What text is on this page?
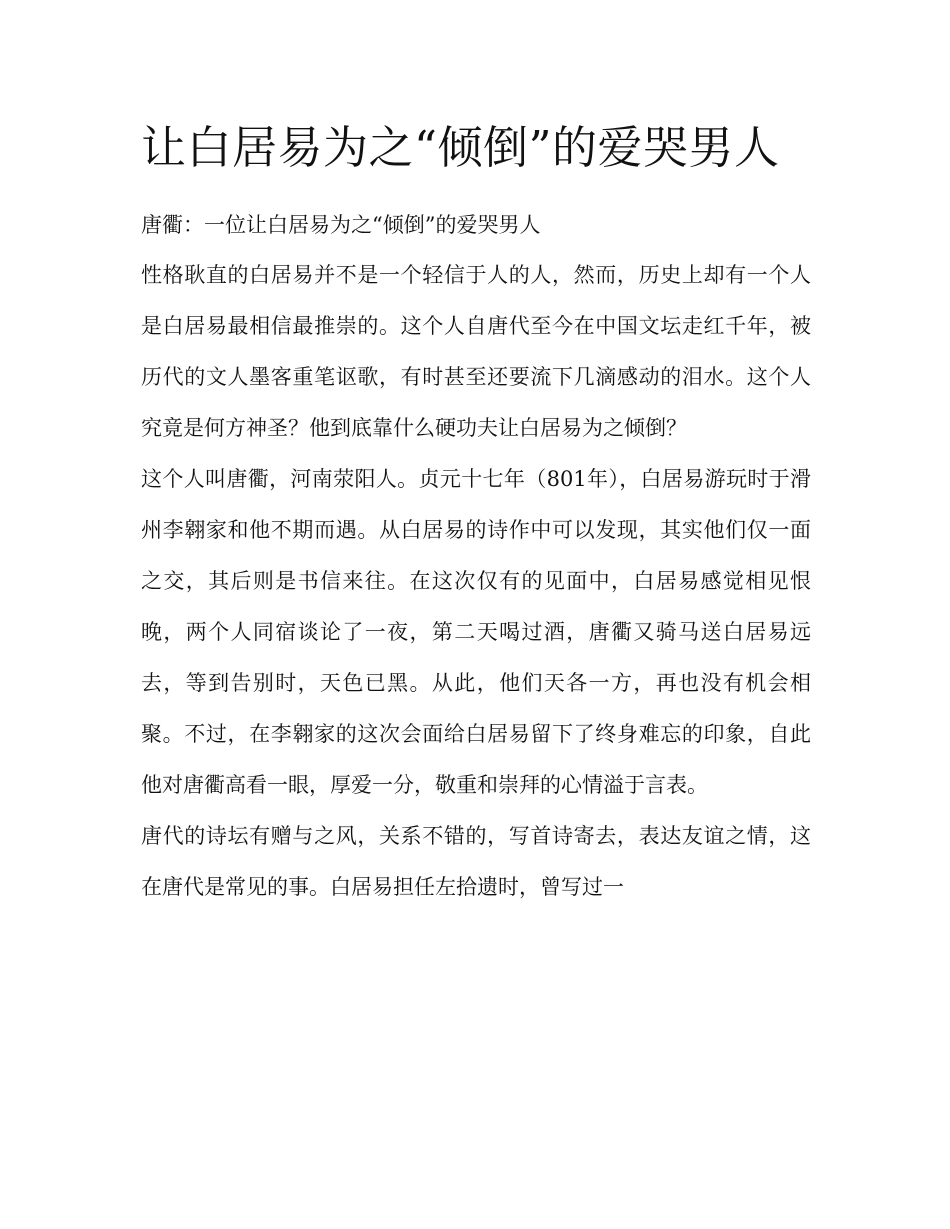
让白居易为之“倾倒”的爱哭男人

唐衢：一位让白居易为之“倾倒”的爱哭男人

性格耿直的白居易并不是一个轻信于人的人，然而，历史上却有一个人是白居易最相信最推崇的。这个人自唐代至今在中国文坛走红千年，被历代的文人墨客重笔讴歌，有时甚至还要流下几滴感动的泪水。这个人究竟是何方神圣？他到底靠什么硬功夫让白居易为之倾倒？

这个人叫唐衢，河南荥阳人。贞元十七年（801年），白居易游玩时于滑州李翱家和他不期而遇。从白居易的诗作中可以发现，其实他们仅一面之交，其后则是书信来往。在这次仅有的见面中，白居易感觉相见恨晚，两个人同宿谈论了一夜，第二天喝过酒，唐衢又骑马送白居易远去，等到告别时，天色已黑。从此，他们天各一方，再也没有机会相聚。不过，在李翱家的这次会面给白居易留下了终身难忘的印象，自此他对唐衢高看一眼，厚爱一分，敬重和崇拜的心情溢于言表。

唐代的诗坛有赠与之风，关系不错的，写首诗寄去，表达友谊之情，这在唐代是常见的事。白居易担任左拾遗时，曾写过一
